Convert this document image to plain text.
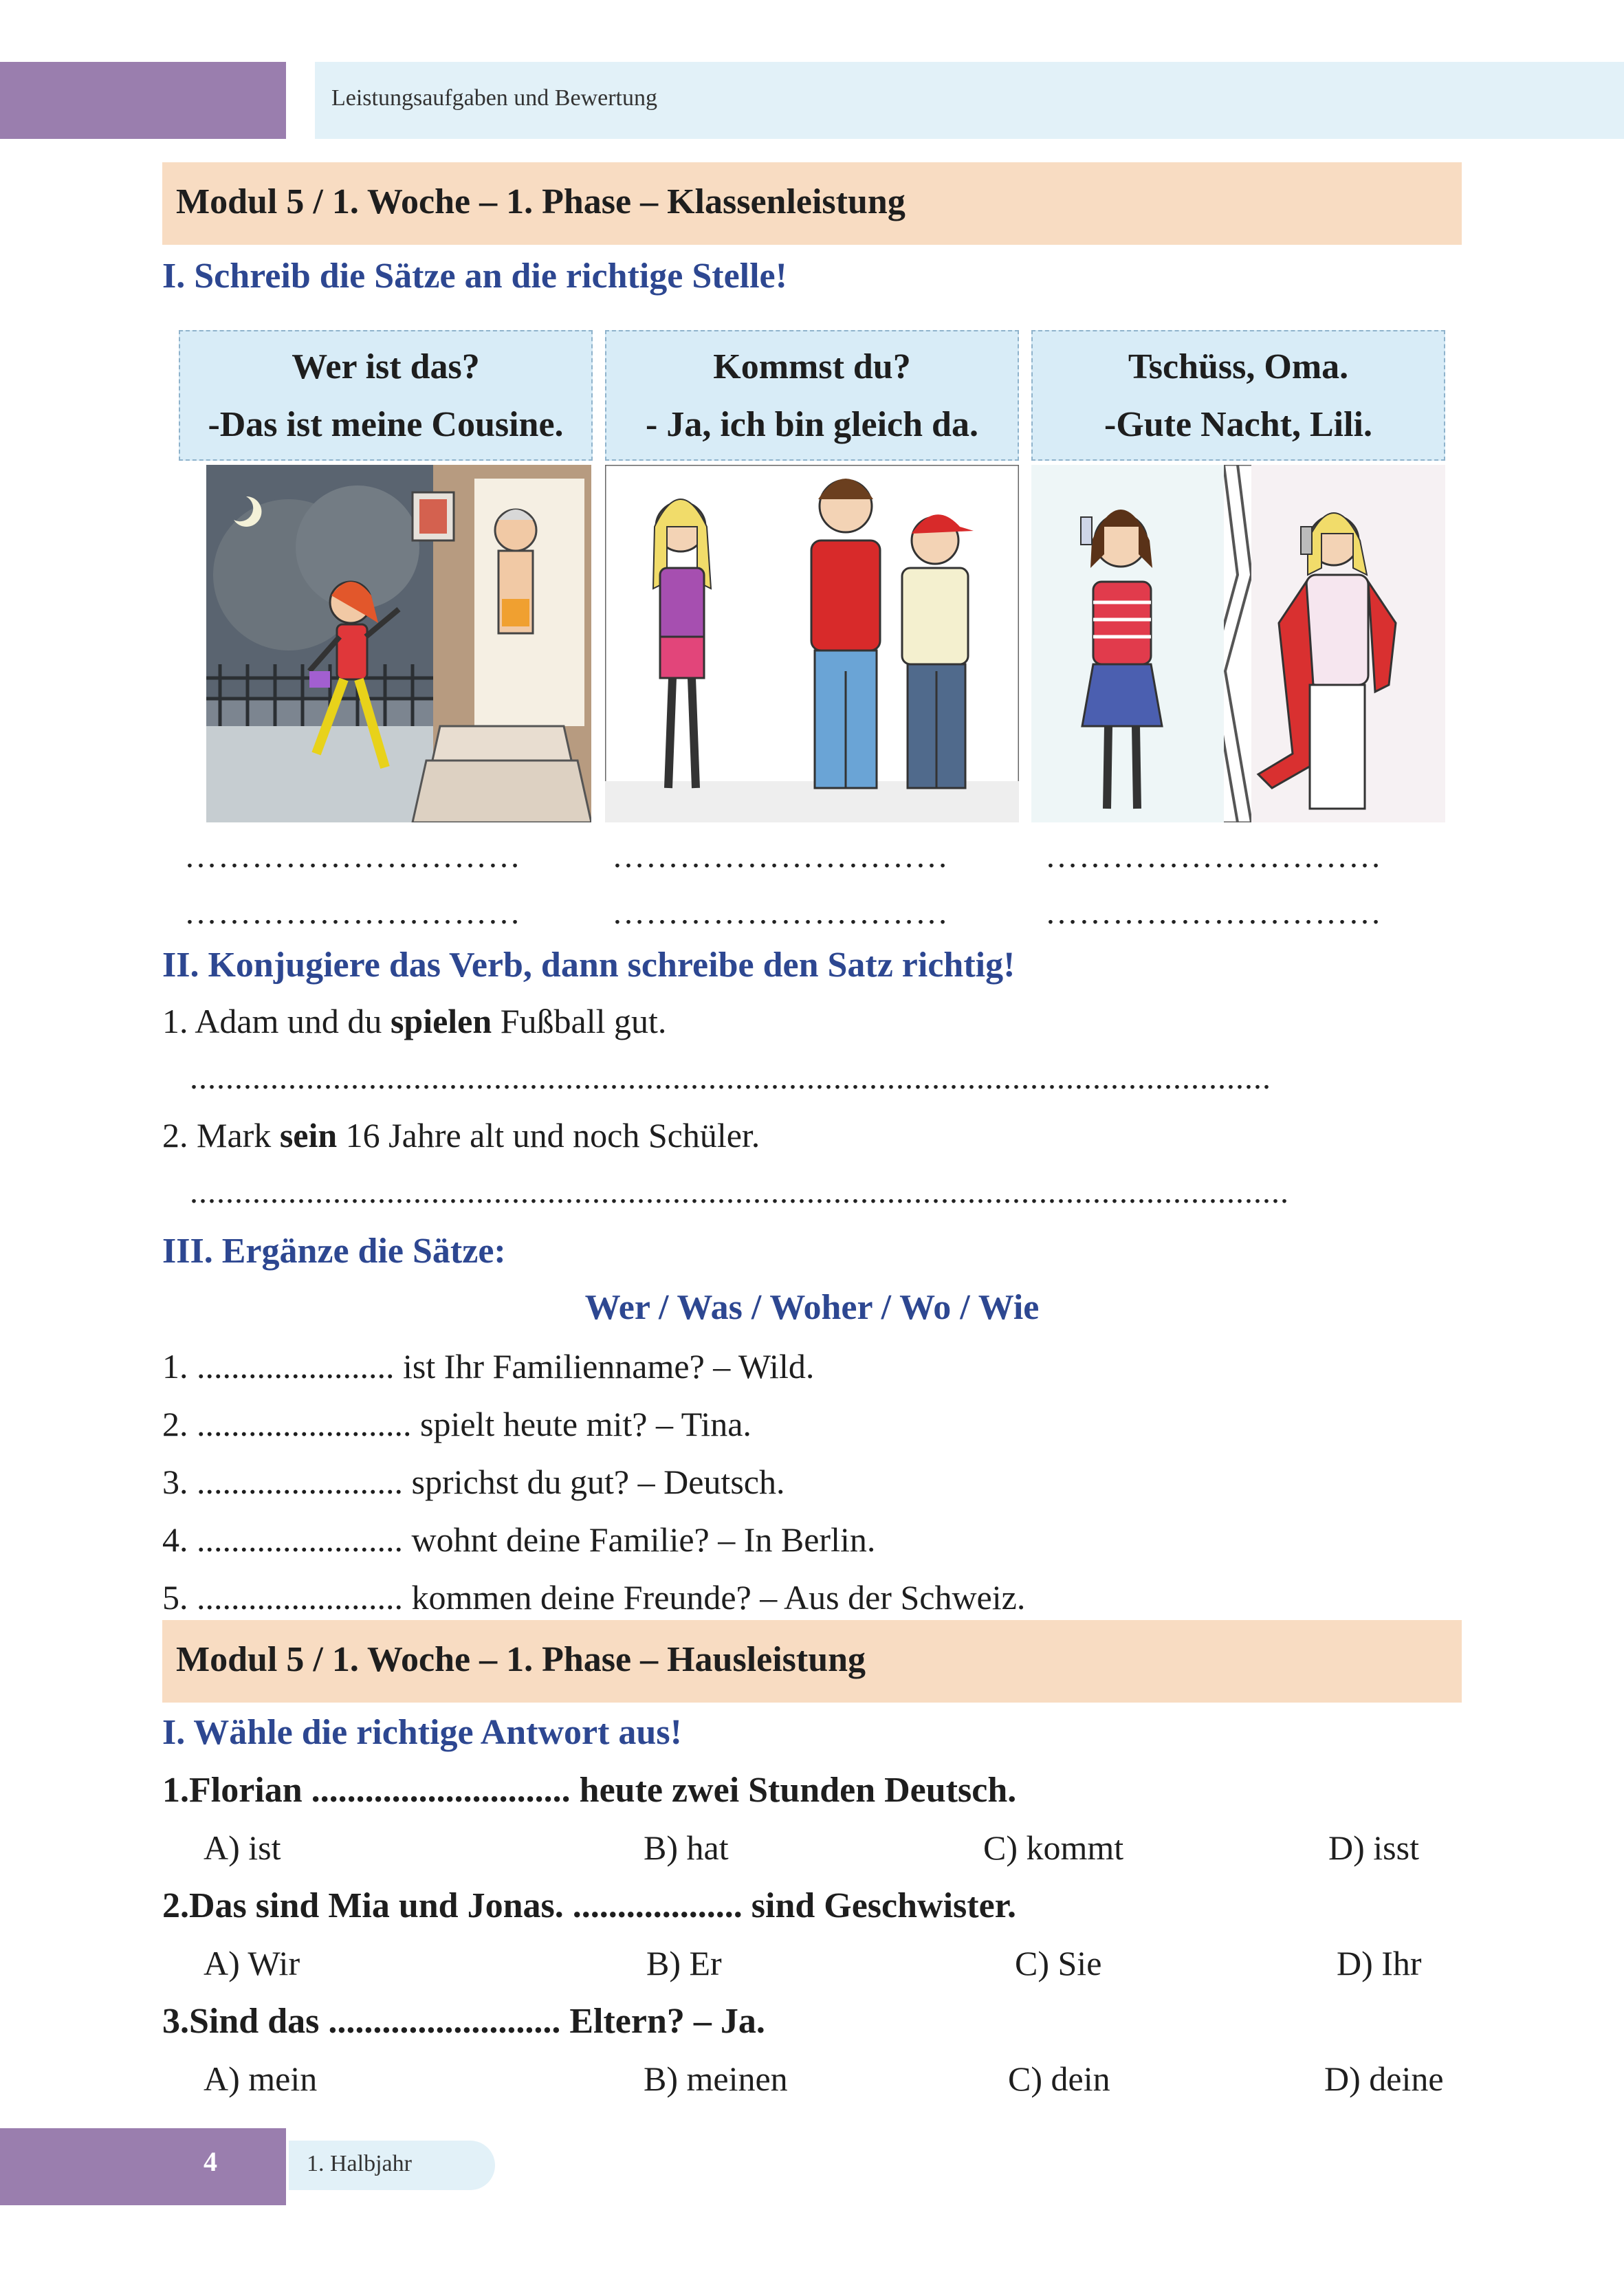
Leistungsaufgaben und Bewertung
Modul 5 / 1. Woche – 1. Phase – Klassenleistung
I. Schreib die Sätze an die richtige Stelle!
Wer ist das?
-Das ist meine Cousine.
Kommst du?
- Ja, ich bin gleich da.
Tschüss, Oma.
-Gute Nacht, Lili.
…………………………	…………………………	…………………………
…………………………	…………………………	…………………………
II. Konjugiere das Verb, dann schreibe den Satz richtig!
1. Adam und du spielen Fußball gut.
.........................................................................................................................
2. Mark sein 16 Jahre alt und noch Schüler.
...........................................................................................................................
III. Ergänze die Sätze:
Wer / Was / Woher / Wo / Wie
1. ....................... ist Ihr Familienname? – Wild.
2. ......................... spielt heute mit? – Tina.
3. ........................ sprichst du gut? – Deutsch.
4. ........................ wohnt deine Familie? – In Berlin.
5. ........................ kommen deine Freunde? – Aus der Schweiz.
Modul 5 / 1. Woche – 1. Phase – Hausleistung
I. Wähle die richtige Antwort aus!
1.Florian ............................. heute zwei Stunden Deutsch.
A) ist	B) hat	C) kommt	D) isst
2.Das sind Mia und Jonas. ................... sind Geschwister.
A) Wir	B) Er	C) Sie	D) Ihr
3.Sind das .......................... Eltern? – Ja.
A) mein	B) meinen	C) dein	D) deine
4	1. Halbjahr
